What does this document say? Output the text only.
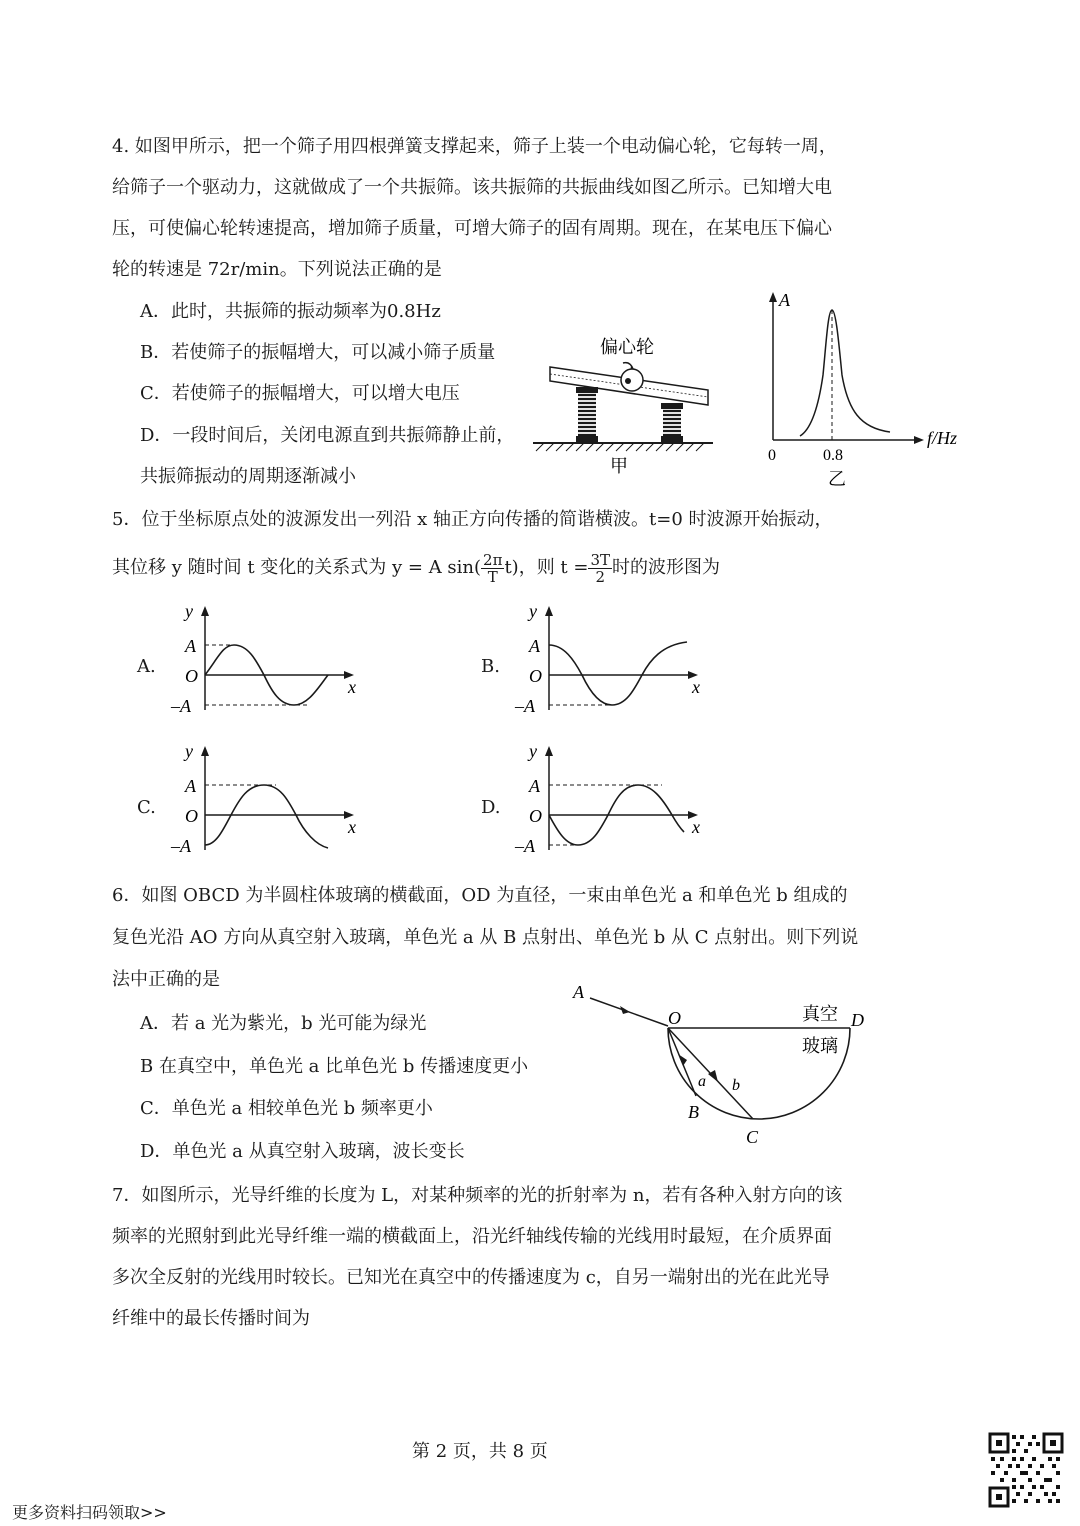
4. 如图甲所示，把一个筛子用四根弹簧支撑起来，筛子上装一个电动偏心轮，它每转一周，
给筛子一个驱动力，这就做成了一个共振筛。该共振筛的共振曲线如图乙所示。已知增大电
压，可使偏心轮转速提高，增加筛子质量，可增大筛子的固有周期。现在，在某电压下偏心
轮的转速是 72r/min。下列说法正确的是
A．此时，共振筛的振动频率为0.8Hz
B．若使筛子的振幅增大，可以减小筛子质量
C．若使筛子的振幅增大，可以增大电压
D．一段时间后，关闭电源直到共振筛静止前，
共振筛振动的周期逐渐减小
偏心轮
甲
A
f/Hz
0	0.8
乙
5．位于坐标原点处的波源发出一列沿 x 轴正方向传播的简谐横波。t=0 时波源开始振动，
其位移 y 随时间 t 变化的关系式为 y = A $\sin( \frac{2\pi}{T} t)$，则 $t = \frac{3T}{2}$ 时的波形图为
A.
y
x
A
O
–A
B.
y
x
A
O
–A
C.
y
x
A
O
–A
D.
y
x
A
O
–A
6．如图 OBCD 为半圆柱体玻璃的横截面，OD 为直径，一束由单色光 a 和单色光 b 组成的
复色光沿 AO 方向从真空射入玻璃，单色光 a 从 B 点射出、单色光 b 从 C 点射出。则下列说
法中正确的是
A．若 a 光为紫光，b 光可能为绿光
B 在真空中，单色光 a 比单色光 b 传播速度更小
C．单色光 a 相较单色光 b 频率更小
D．单色光 a 从真空射入玻璃，波长变长
A
O	D
真空
玻璃
a b
B
C
7．如图所示，光导纤维的长度为 L，对某种频率的光的折射率为 n，若有各种入射方向的该
频率的光照射到此光导纤维一端的横截面上，沿光纤轴线传输的光线用时最短，在介质界面
多次全反射的光线用时较长。已知光在真空中的传播速度为 c，自另一端射出的光在此光导
纤维中的最长传播时间为
第 2 页，共 8 页
更多资料扫码领取>>
